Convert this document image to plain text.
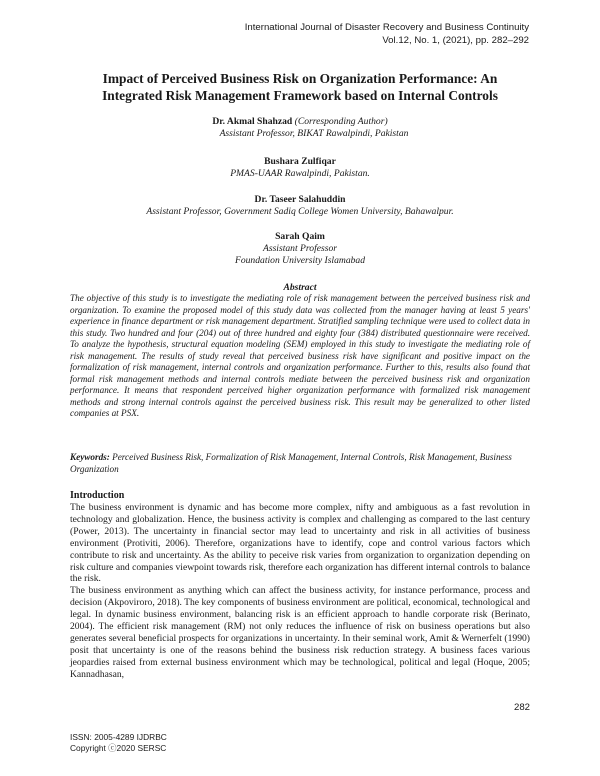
International Journal of Disaster Recovery and Business Continuity
Vol.12, No. 1, (2021), pp. 282–292
Impact of Perceived Business Risk on Organization Performance: An
Integrated Risk Management Framework based on Internal Controls
Dr. Akmal Shahzad (Corresponding Author)
Assistant Professor, BIKAT Rawalpindi, Pakistan
Bushara Zulfiqar
PMAS-UAAR Rawalpindi, Pakistan.
Dr. Taseer Salahuddin
Assistant Professor, Government Sadiq College Women University, Bahawalpur.
Sarah Qaim
Assistant Professor
Foundation University Islamabad
Abstract
The objective of this study is to investigate the mediating role of risk management between the perceived business risk and organization. To examine the proposed model of this study data was collected from the manager having at least 5 years' experience in finance department or risk management department. Stratified sampling technique were used to collect data in this study. Two hundred and four (204) out of three hundred and eighty four (384) distributed questionnaire were received. To analyze the hypothesis, structural equation modeling (SEM) employed in this study to investigate the mediating role of risk management. The results of study reveal that perceived business risk have significant and positive impact on the formalization of risk management, internal controls and organization performance. Further to this, results also found that formal risk management methods and internal controls mediate between the perceived business risk and organization performance. It means that respondent perceived higher organization performance with formalized risk management methods and strong internal controls against the perceived business risk. This result may be generalized to other listed companies at PSX.
Keywords: Perceived Business Risk, Formalization of Risk Management, Internal Controls, Risk Management, Business Organization
Introduction

The business environment is dynamic and has become more complex, nifty and ambiguous as a fast revolution in technology and globalization. Hence, the business activity is complex and challenging as compared to the last century (Power, 2013). The uncertainty in financial sector may lead to uncertainty and risk in all activities of business environment (Protiviti, 2006). Therefore, organizations have to identify, cope and control various factors which contribute to risk and uncertainty. As the ability to peceive risk varies from organization to organization depending on risk culture and companies viewpoint towards risk, therefore each organization has different internal controls to balance the risk.

The business environment as anything which can affect the business activity, for instance performance, process and decision (Akpoviroro, 2018). The key components of business environment are political, economical, technological and legal. In dynamic business environment, balancing risk is an efficient approach to handle corporate risk (Berinato, 2004). The efficient risk management (RM) not only reduces the influence of risk on business operations but also generates several beneficial prospects for organizations in uncertainty. In their seminal work, Amit & Wernerfelt (1990) posit that uncertainty is one of the reasons behind the business risk reduction strategy. A business faces various jeopardies raised from external business environment which may be technological, political and legal (Hoque, 2005; Kannadhasan,

282
ISSN: 2005-4289 IJDRBC
Copyright ⓒ2020 SERSC
